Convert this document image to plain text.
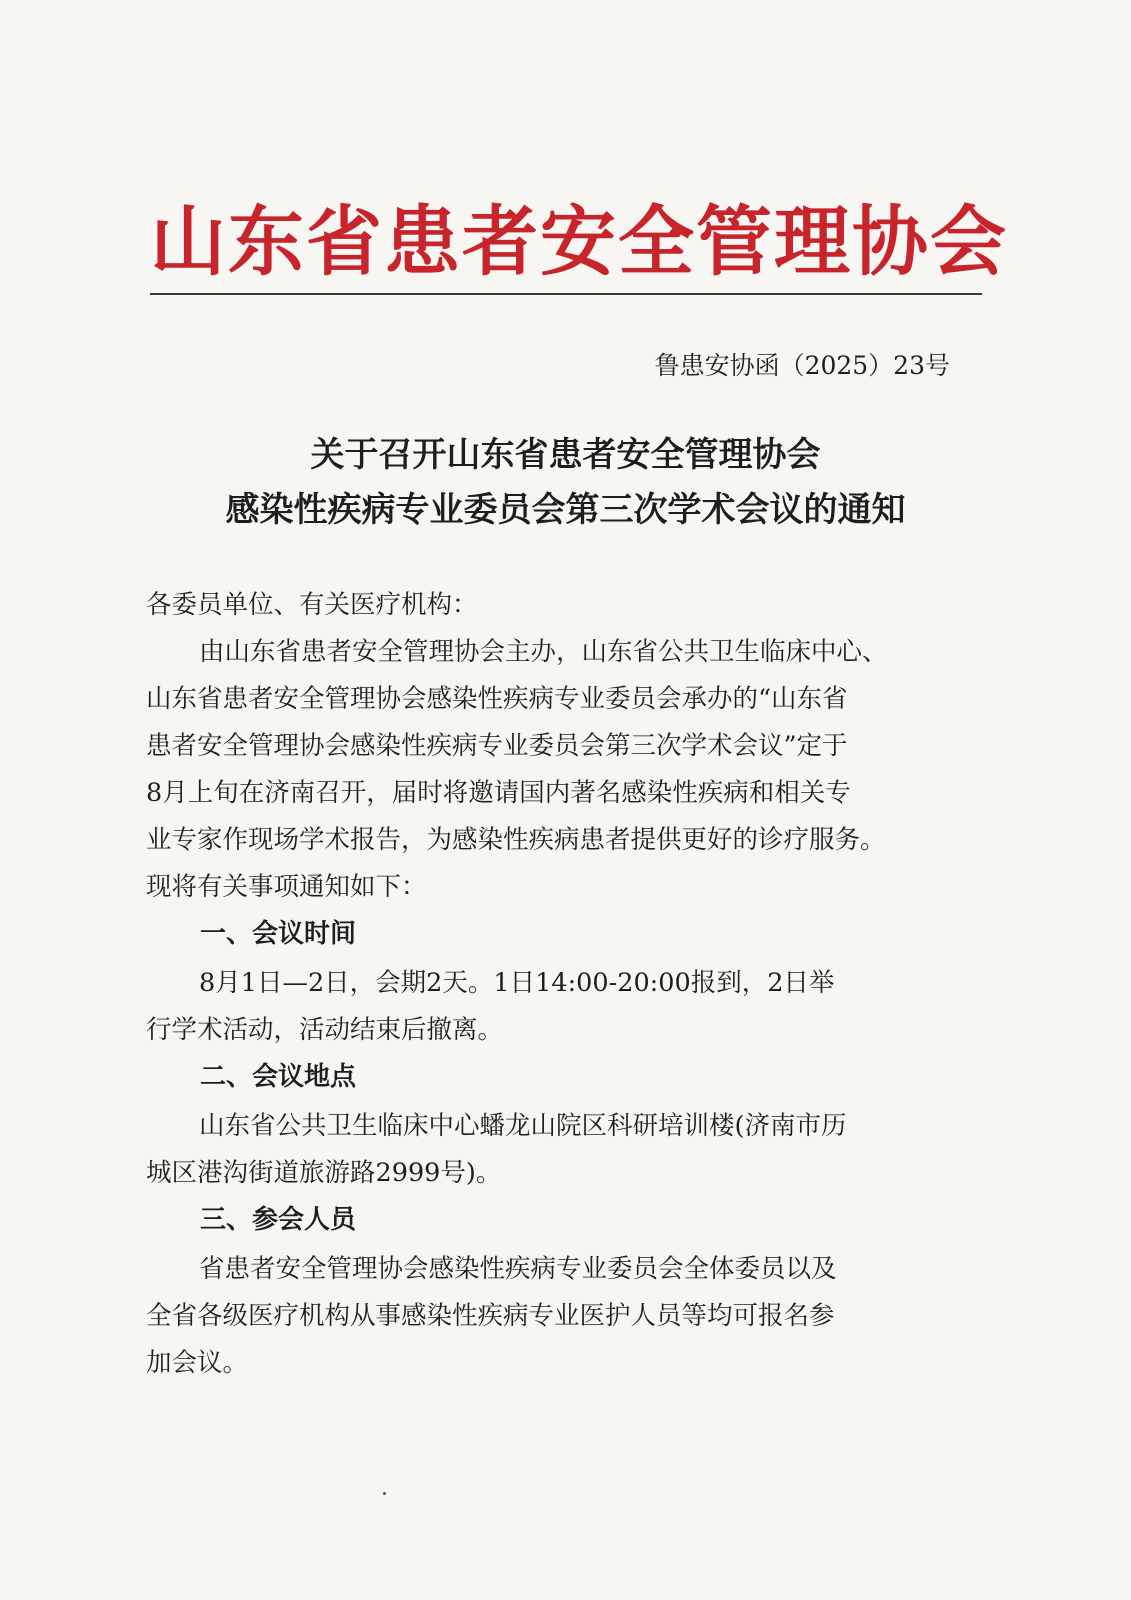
山东省患者安全管理协会
鲁患安协函（2025）23号
关于召开山东省患者安全管理协会
感染性疾病专业委员会第三次学术会议的通知
各委员单位、有关医疗机构：
由山东省患者安全管理协会主办，山东省公共卫生临床中心、
山东省患者安全管理协会感染性疾病专业委员会承办的“山东省
患者安全管理协会感染性疾病专业委员会第三次学术会议”定于
8月上旬在济南召开，届时将邀请国内著名感染性疾病和相关专
业专家作现场学术报告，为感染性疾病患者提供更好的诊疗服务。
现将有关事项通知如下：
一、会议时间
8月1日—2日，会期2天。1日14:00-20:00报到，2日举
行学术活动，活动结束后撤离。
二、会议地点
山东省公共卫生临床中心蟠龙山院区科研培训楼(济南市历
城区港沟街道旅游路2999号)。
三、参会人员
省患者安全管理协会感染性疾病专业委员会全体委员以及
全省各级医疗机构从事感染性疾病专业医护人员等均可报名参
加会议。
